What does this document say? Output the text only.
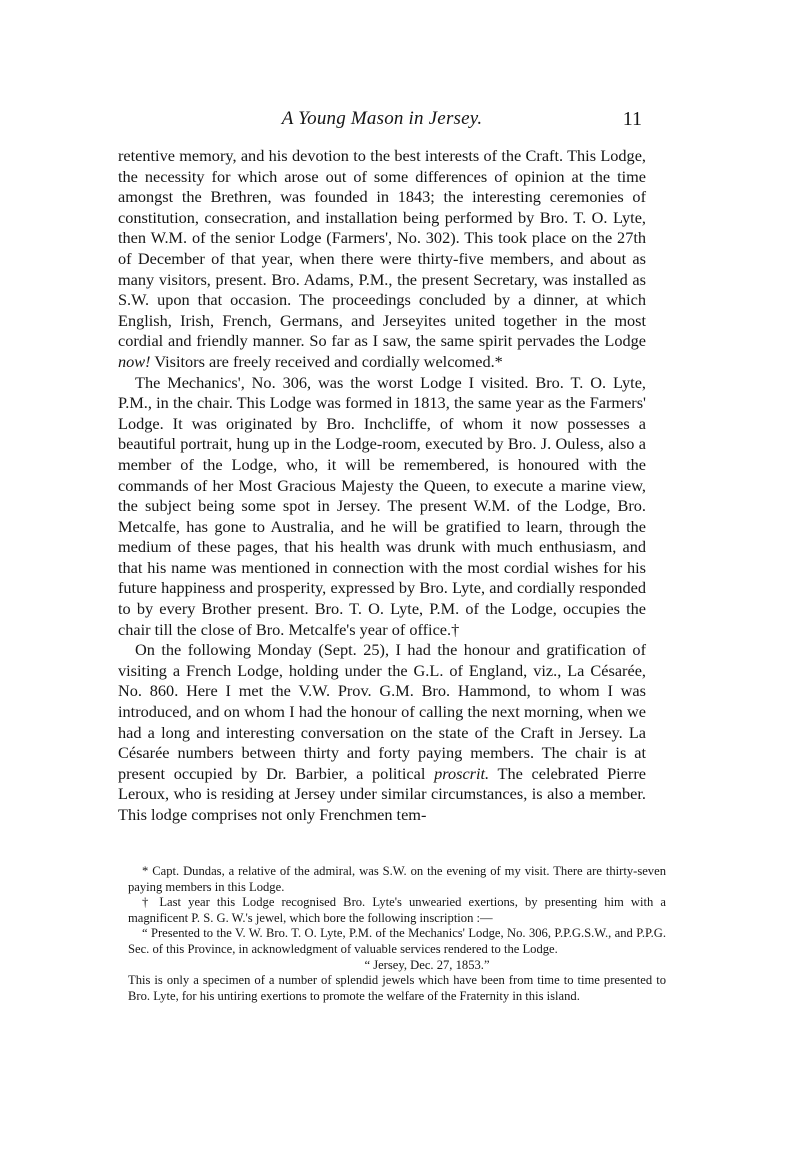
A Young Mason in Jersey.	11

retentive memory, and his devotion to the best interests of the Craft. This Lodge, the necessity for which arose out of some differences of opinion at the time amongst the Brethren, was founded in 1843; the interesting ceremonies of constitution, consecration, and installation being performed by Bro. T. O. Lyte, then W.M. of the senior Lodge (Farmers', No. 302). This took place on the 27th of December of that year, when there were thirty-five members, and about as many visitors, present. Bro. Adams, P.M., the present Secretary, was installed as S.W. upon that occasion. The proceedings concluded by a dinner, at which English, Irish, French, Germans, and Jerseyites united together in the most cordial and friendly manner. So far as I saw, the same spirit pervades the Lodge now! Visitors are freely received and cordially welcomed.*

The Mechanics', No. 306, was the worst Lodge I visited. Bro. T. O. Lyte, P.M., in the chair. This Lodge was formed in 1813, the same year as the Farmers' Lodge. It was originated by Bro. Inchcliffe, of whom it now possesses a beautiful portrait, hung up in the Lodge-room, executed by Bro. J. Ouless, also a member of the Lodge, who, it will be remembered, is honoured with the commands of her Most Gracious Majesty the Queen, to execute a marine view, the subject being some spot in Jersey. The present W.M. of the Lodge, Bro. Metcalfe, has gone to Australia, and he will be gratified to learn, through the medium of these pages, that his health was drunk with much enthusiasm, and that his name was mentioned in connection with the most cordial wishes for his future happiness and prosperity, expressed by Bro. Lyte, and cordially responded to by every Brother present. Bro. T. O. Lyte, P.M. of the Lodge, occupies the chair till the close of Bro. Metcalfe's year of office.†

On the following Monday (Sept. 25), I had the honour and gratification of visiting a French Lodge, holding under the G.L. of England, viz., La Césarée, No. 860. Here I met the V.W. Prov. G.M. Bro. Hammond, to whom I was introduced, and on whom I had the honour of calling the next morning, when we had a long and interesting conversation on the state of the Craft in Jersey. La Césarée numbers between thirty and forty paying members. The chair is at present occupied by Dr. Barbier, a political proscrit. The celebrated Pierre Leroux, who is residing at Jersey under similar circumstances, is also a member. This lodge comprises not only Frenchmen tem-

* Capt. Dundas, a relative of the admiral, was S.W. on the evening of my visit. There are thirty-seven paying members in this Lodge.

† Last year this Lodge recognised Bro. Lyte's unwearied exertions, by presenting him with a magnificent P. S. G. W.'s jewel, which bore the following inscription :—

“ Presented to the V. W. Bro. T. O. Lyte, P.M. of the Mechanics' Lodge, No. 306, P.P.G.S.W., and P.P.G. Sec. of this Province, in acknowledgment of valuable services rendered to the Lodge.

“ Jersey, Dec. 27, 1853.”

This is only a specimen of a number of splendid jewels which have been from time to time presented to Bro. Lyte, for his untiring exertions to promote the welfare of the Fraternity in this island.
